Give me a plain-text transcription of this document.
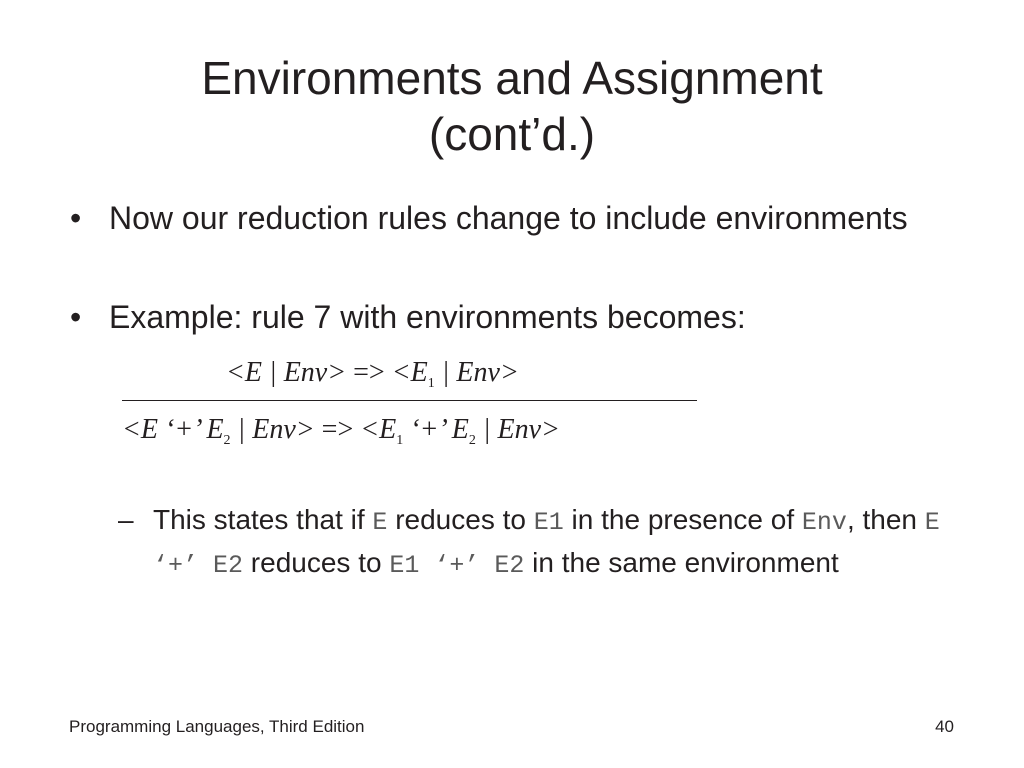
Environments and Assignment
(cont’d.)
• Now our reduction rules change to include environments
• Example: rule 7 with environments becomes:
<E | $Env> => <E_1$ | Env>
<E ‘+’ $E_2$ | $Env> => <E_1$ ‘+’ $E_2$ | Env>
– This states that if E reduces to E1 in the presence of Env, then E ‘+’ E2 reduces to E1 ‘+’ E2 in the same environment
Programming Languages, Third Edition	40
